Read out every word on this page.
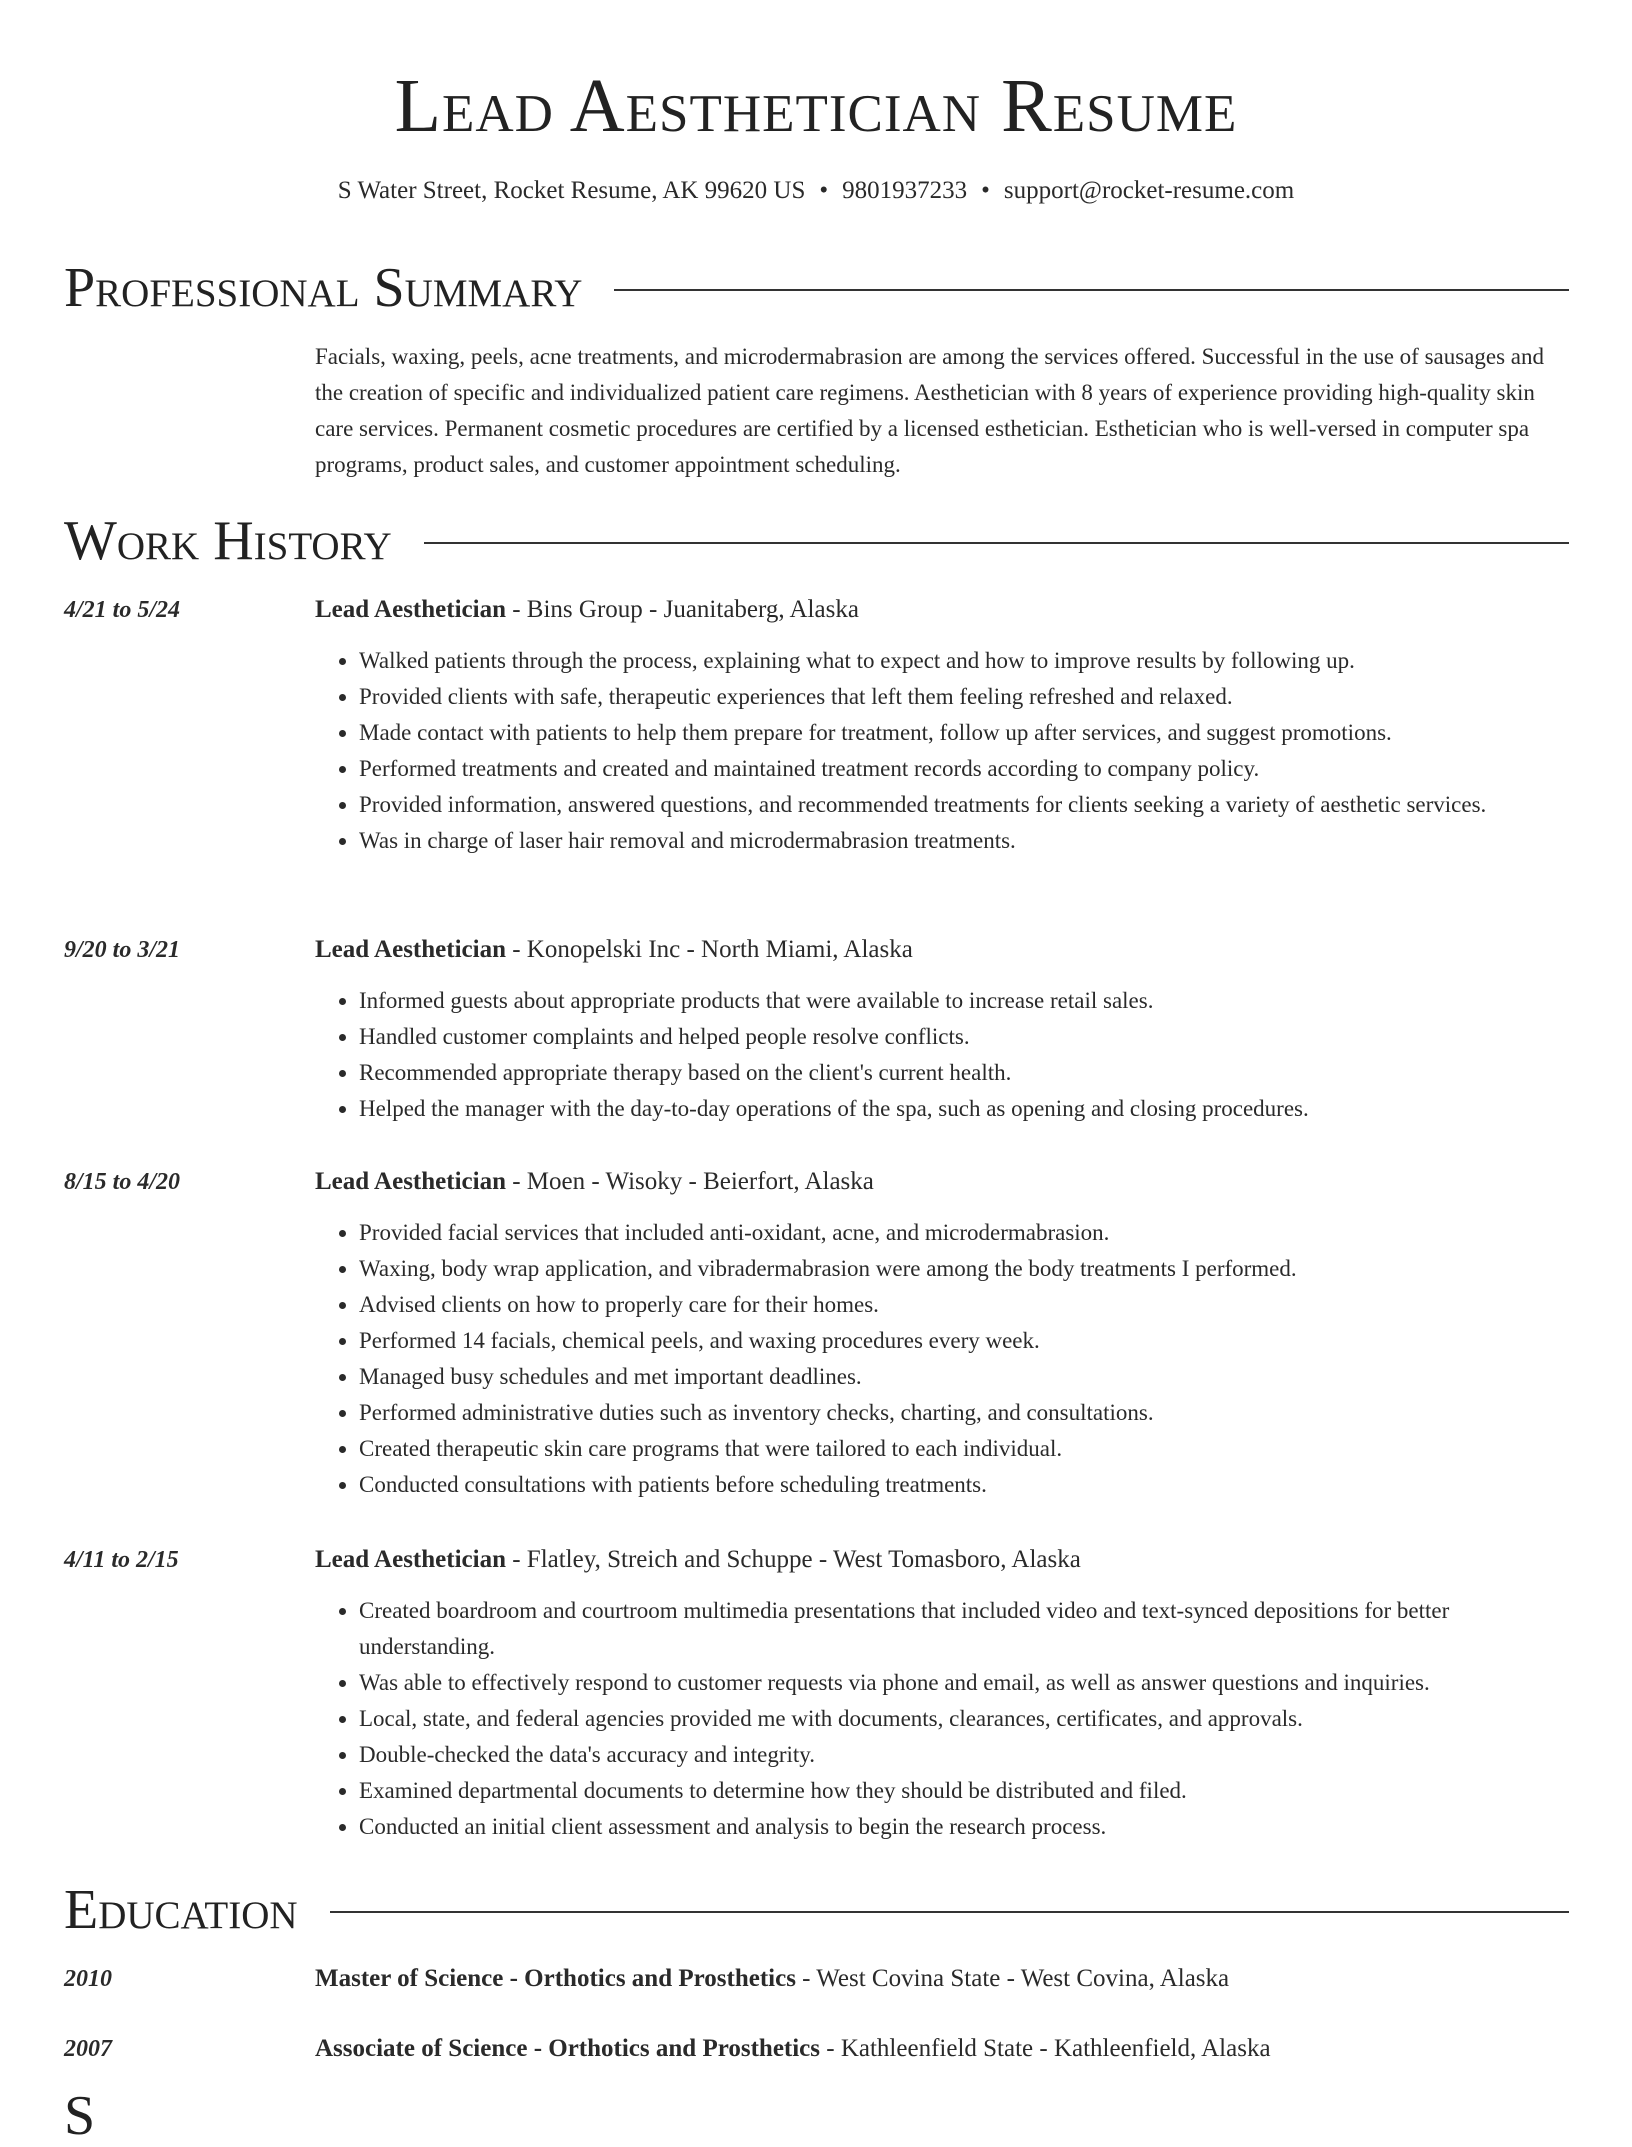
Lead Aesthetician Resume
S Water Street, Rocket Resume, AK 99620 US • 9801937233 • support@rocket-resume.com
Professional Summary

Facials, waxing, peels, acne treatments, and microdermabrasion are among the services offered. Successful in the use of sausages and the creation of specific and individualized patient care regimens. Aesthetician with 8 years of experience providing high-quality skin care services. Permanent cosmetic procedures are certified by a licensed esthetician. Esthetician who is well-versed in computer spa programs, product sales, and customer appointment scheduling.

Work History
4/21 to 5/24	Lead Aesthetician - Bins Group - Juanitaberg, Alaska
• Walked patients through the process, explaining what to expect and how to improve results by following up.
• Provided clients with safe, therapeutic experiences that left them feeling refreshed and relaxed.
• Made contact with patients to help them prepare for treatment, follow up after services, and suggest promotions.
• Performed treatments and created and maintained treatment records according to company policy.
• Provided information, answered questions, and recommended treatments for clients seeking a variety of aesthetic services.
• Was in charge of laser hair removal and microdermabrasion treatments.
9/20 to 3/21	Lead Aesthetician - Konopelski Inc - North Miami, Alaska
• Informed guests about appropriate products that were available to increase retail sales.
• Handled customer complaints and helped people resolve conflicts.
• Recommended appropriate therapy based on the client's current health.
• Helped the manager with the day-to-day operations of the spa, such as opening and closing procedures.
8/15 to 4/20	Lead Aesthetician - Moen - Wisoky - Beierfort, Alaska
• Provided facial services that included anti-oxidant, acne, and microdermabrasion.
• Waxing, body wrap application, and vibradermabrasion were among the body treatments I performed.
• Advised clients on how to properly care for their homes.
• Performed 14 facials, chemical peels, and waxing procedures every week.
• Managed busy schedules and met important deadlines.
• Performed administrative duties such as inventory checks, charting, and consultations.
• Created therapeutic skin care programs that were tailored to each individual.
• Conducted consultations with patients before scheduling treatments.
4/11 to 2/15	Lead Aesthetician - Flatley, Streich and Schuppe - West Tomasboro, Alaska
• Created boardroom and courtroom multimedia presentations that included video and text-synced depositions for better understanding.
• Was able to effectively respond to customer requests via phone and email, as well as answer questions and inquiries.
• Local, state, and federal agencies provided me with documents, clearances, certificates, and approvals.
• Double-checked the data's accuracy and integrity.
• Examined departmental documents to determine how they should be distributed and filed.
• Conducted an initial client assessment and analysis to begin the research process.
Education
2010	Master of Science - Orthotics and Prosthetics - West Covina State - West Covina, Alaska
2007	Associate of Science - Orthotics and Prosthetics - Kathleenfield State - Kathleenfield, Alaska
S
